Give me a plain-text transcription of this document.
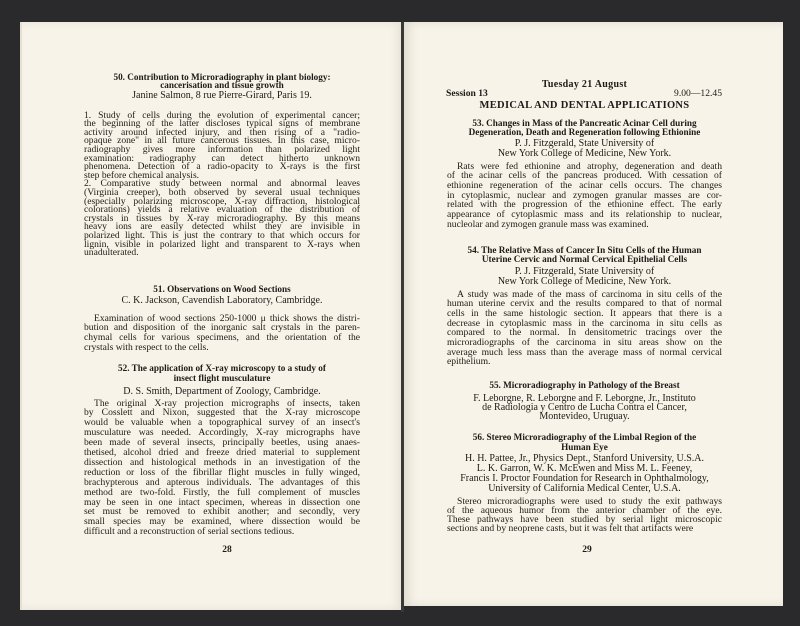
Tuesday 21 August
Session 13	9.00—12.45
MEDICAL AND DENTAL APPLICATIONS
28	29
50. Contribution to Microradiography in plant biology:
cancerisation and tissue growth
Janine Salmon, 8 rue Pierre-Girard, Paris 19.
1. Study of cells during the evolution of experimental cancer;
the beginning of the latter discloses typical signs of membrane
activity around infected injury, and then rising of a "radio-
opaque zone" in all future cancerous tissues. In this case, micro-
radiography gives more information than polarized light
examination: radiography can detect hitherto unknown
phenomena. Detection of a radio-opacity to X-rays is the first
step before chemical analysis.
2. Comparative study between normal and abnormal leaves
(Virginia creeper), both observed by several usual techniques
(especially polarizing microscope, X-ray diffraction, histological
colorations) yields a relative evaluation of the distribution of
crystals in tissues by X-ray microradiography. By this means
heavy ions are easily detected whilst they are invisible in
polarized light. This is just the contrary to that which occurs for
lignin, visible in polarized light and transparent to X-rays when
unadulterated.
51. Observations on Wood Sections
C. K. Jackson, Cavendish Laboratory, Cambridge.
Examination of wood sections 250-1000 μ thick shows the distri-
bution and disposition of the inorganic salt crystals in the paren-
chymal cells for various specimens, and the orientation of the
crystals with respect to the cells.
52. The application of X-ray microscopy to a study of
insect flight musculature
D. S. Smith, Department of Zoology, Cambridge.
The original X-ray projection micrographs of insects, taken
by Cosslett and Nixon, suggested that the X-ray microscope
would be valuable when a topographical survey of an insect's
musculature was needed. Accordingly, X-ray micrographs have
been made of several insects, principally beetles, using anaes-
thetised, alcohol dried and freeze dried material to supplement
dissection and histological methods in an investigation of the
reduction or loss of the fibrillar flight muscles in fully winged,
brachypterous and apterous individuals. The advantages of this
method are two-fold. Firstly, the full complement of muscles
may be seen in one intact specimen, whereas in dissection one
set must be removed to exhibit another; and secondly, very
small species may be examined, where dissection would be
difficult and a reconstruction of serial sections tedious.
53. Changes in Mass of the Pancreatic Acinar Cell during
Degeneration, Death and Regeneration following Ethionine
P. J. Fitzgerald, State University of
New York College of Medicine, New York.
Rats were fed ethionine and atrophy, degeneration and death
of the acinar cells of the pancreas produced. With cessation of
ethionine regeneration of the acinar cells occurs. The changes
in cytoplasmic, nuclear and zymogen granular masses are cor-
related with the progression of the ethionine effect. The early
appearance of cytoplasmic mass and its relationship to nuclear,
nucleolar and zymogen granule mass was examined.
54. The Relative Mass of Cancer In Situ Cells of the Human
Uterine Cervic and Normal Cervical Epithelial Cells
P. J. Fitzgerald, State University of
New York College of Medicine, New York.
A study was made of the mass of carcinoma in situ cells of the
human uterine cervix and the results compared to that of normal
cells in the same histologic section. It appears that there is a
decrease in cytoplasmic mass in the carcinoma in situ cells as
compared to the normal. In densitometric tracings over the
microradiographs of the carcinoma in situ areas show on the
average much less mass than the average mass of normal cervical
epithelium.
55. Microradiography in Pathology of the Breast
F. Leborgne, R. Leborgne and F. Leborgne, Jr., Instituto
de Radiologia y Centro de Lucha Contra el Cancer,
Montevideo, Uruguay.
56. Stereo Microradiography of the Limbal Region of the
Human Eye
H. H. Pattee, Jr., Physics Dept., Stanford University, U.S.A.
L. K. Garron, W. K. McEwen and Miss M. L. Feeney,
Francis I. Proctor Foundation for Research in Ophthalmology,
University of California Medical Center, U.S.A.
Stereo microradiographs were used to study the exit pathways
of the aqueous humor from the anterior chamber of the eye.
These pathways have been studied by serial light microscopic
sections and by neoprene casts, but it was felt that artifacts were
